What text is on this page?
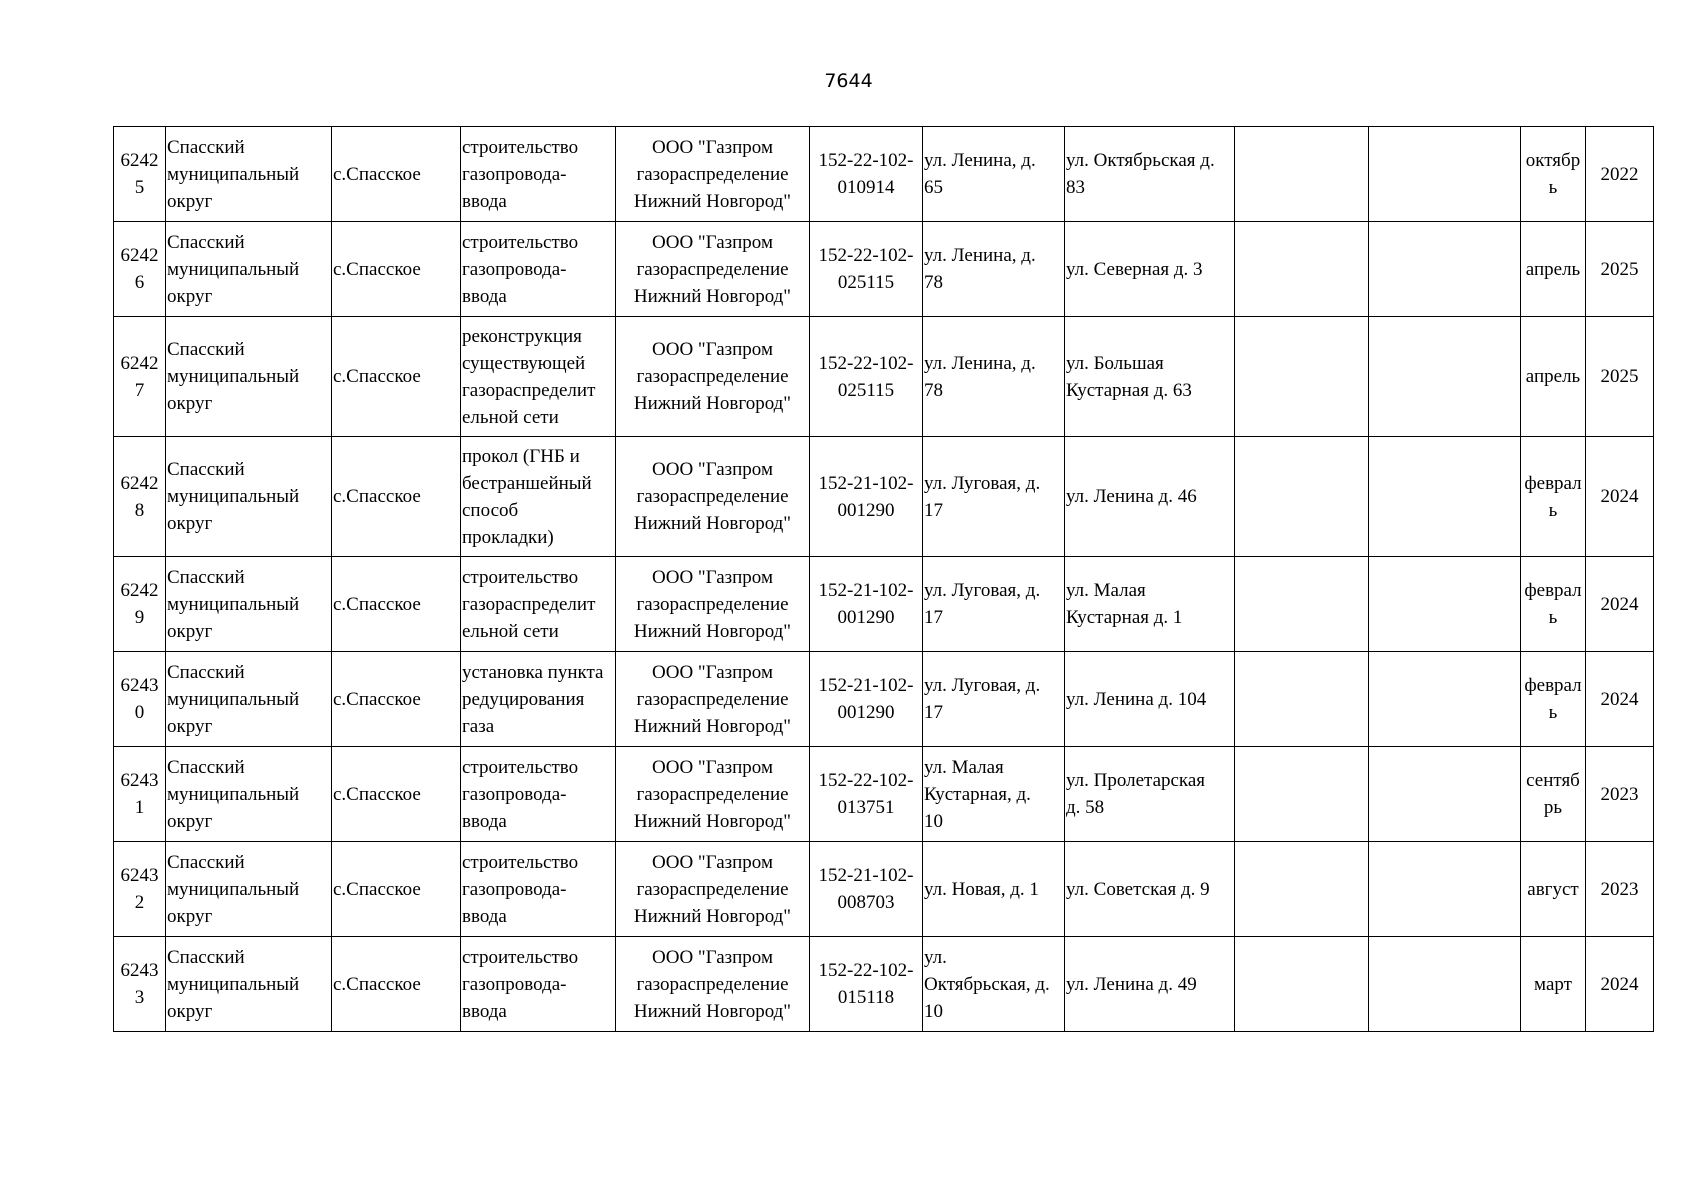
7644
6242
5	Спасский
муниципальный
округ	с.Спасское	строительство
газопровода-
ввода	ООО "Газпром
газораспределение
Нижний Новгород"	152-22-102-
010914	ул. Ленина, д.
65	ул. Октябрьская д.
83			октябр
ь	2022
6242
6	Спасский
муниципальный
округ	с.Спасское	строительство
газопровода-
ввода	ООО "Газпром
газораспределение
Нижний Новгород"	152-22-102-
025115	ул. Ленина, д.
78	ул. Северная д. 3			апрель	2025
6242
7	Спасский
муниципальный
округ	с.Спасское	реконструкция
существующей
газораспределит
ельной сети	ООО "Газпром
газораспределение
Нижний Новгород"	152-22-102-
025115	ул. Ленина, д.
78	ул. Большая
Кустарная д. 63			апрель	2025
6242
8	Спасский
муниципальный
округ	с.Спасское	прокол (ГНБ и
бестраншейный
способ
прокладки)	ООО "Газпром
газораспределение
Нижний Новгород"	152-21-102-
001290	ул. Луговая, д.
17	ул. Ленина д. 46			феврал
ь	2024
6242
9	Спасский
муниципальный
округ	с.Спасское	строительство
газораспределит
ельной сети	ООО "Газпром
газораспределение
Нижний Новгород"	152-21-102-
001290	ул. Луговая, д.
17	ул. Малая
Кустарная д. 1			феврал
ь	2024
6243
0	Спасский
муниципальный
округ	с.Спасское	установка пункта
редуцирования
газа	ООО "Газпром
газораспределение
Нижний Новгород"	152-21-102-
001290	ул. Луговая, д.
17	ул. Ленина д. 104			феврал
ь	2024
6243
1	Спасский
муниципальный
округ	с.Спасское	строительство
газопровода-
ввода	ООО "Газпром
газораспределение
Нижний Новгород"	152-22-102-
013751	ул. Малая
Кустарная, д.
10	ул. Пролетарская
д. 58			сентяб
рь	2023
6243
2	Спасский
муниципальный
округ	с.Спасское	строительство
газопровода-
ввода	ООО "Газпром
газораспределение
Нижний Новгород"	152-21-102-
008703	ул. Новая, д. 1	ул. Советская д. 9			август	2023
6243
3	Спасский
муниципальный
округ	с.Спасское	строительство
газопровода-
ввода	ООО "Газпром
газораспределение
Нижний Новгород"	152-22-102-
015118	ул.
Октябрьская, д.
10	ул. Ленина д. 49			март	2024
